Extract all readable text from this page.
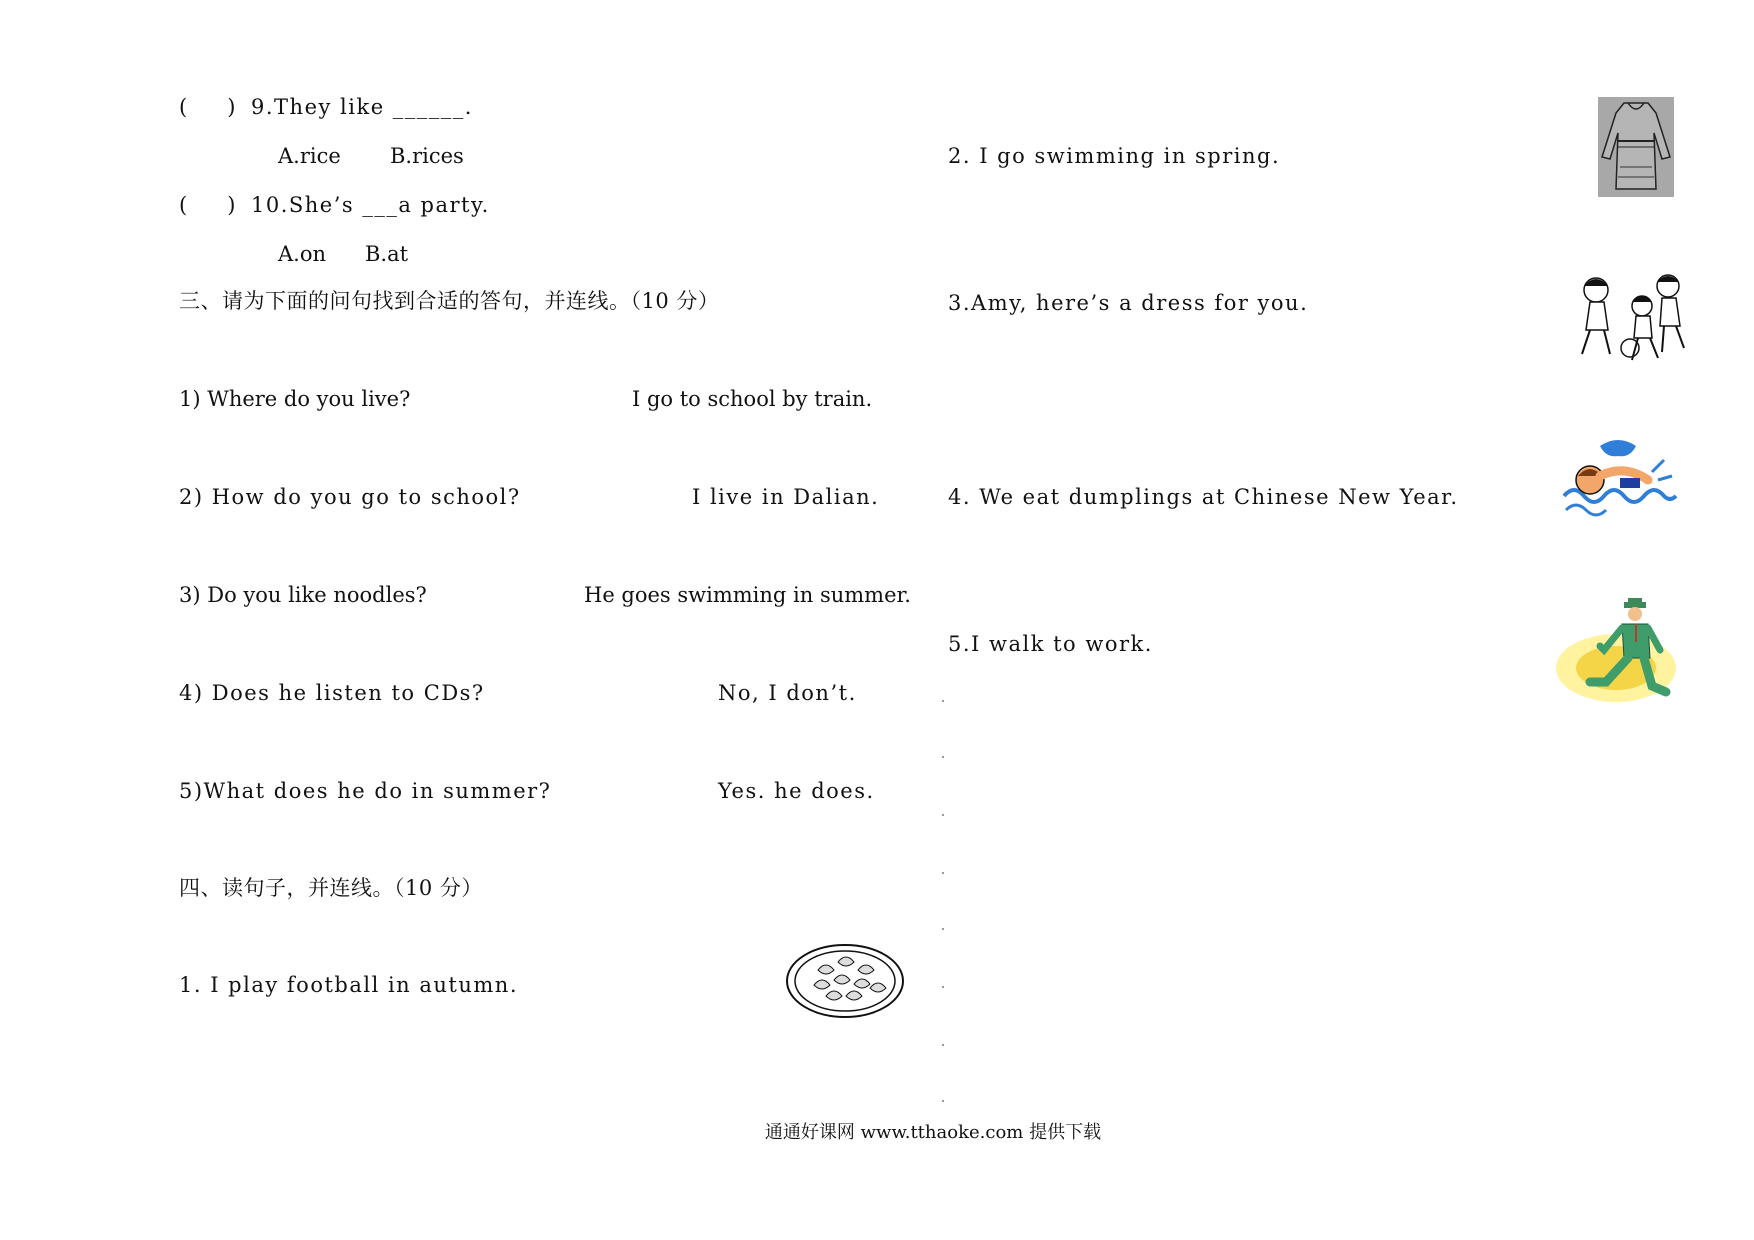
(      ) 9.They like ______.
A.rice B.rices
(      ) 10.She’s ___a party.
A.on B.at
三、请为下面的问句找到合适的答句，并连线。（10 分）
1) Where do you live?
2) How do you go to school?
3) Do you like noodles?
4) Does he listen to CDs?
5)What does he do in summer?
I go to school by train.
I live in Dalian.
He goes swimming in summer.
No, I don’t.
Yes. he does.
四、读句子，并连线。（10 分）
1. I play football in autumn.
2. I go swimming in spring.
3.Amy, here’s a dress for you.
4. We eat dumplings at Chinese New Year.
5.I walk to work.
通通好课网 www.tthaoke.com 提供下载
